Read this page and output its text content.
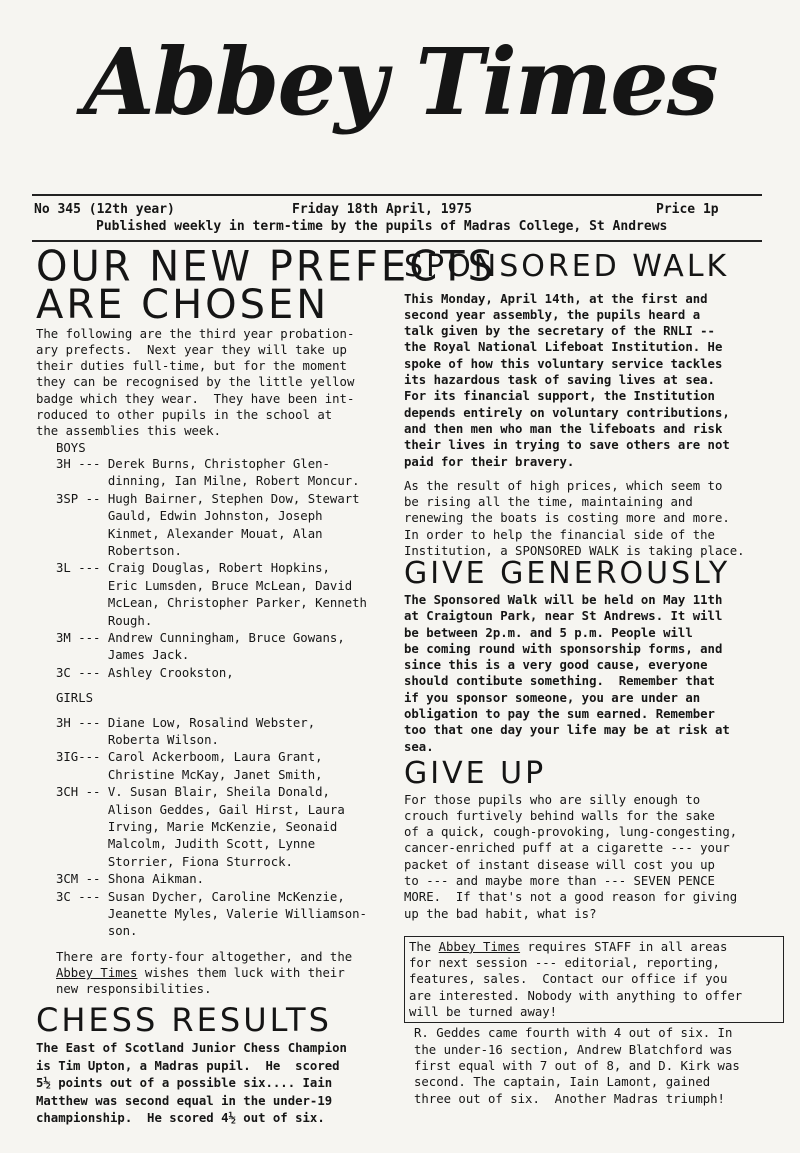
Abbey Times
No 345 (12th year)	Friday 18th April, 1975	Price 1p
Published weekly in term-time by the pupils of Madras College, St Andrews
OUR NEW PREFECTS
ARE CHOSEN

The following are the third year probation-

ary prefects.  Next year they will take up

their duties full-time, but for the moment

they can be recognised by the little yellow

badge which they wear.  They have been int-

roduced to other pupils in the school at

the assemblies this week.

BOYS

3H --- Derek Burns, Christopher Glen-

dinning, Ian Milne, Robert Moncur.

3SP -- Hugh Bairner, Stephen Dow, Stewart

Gauld, Edwin Johnston, Joseph

Kinmet, Alexander Mouat, Alan

Robertson.

3L --- Craig Douglas, Robert Hopkins,

Eric Lumsden, Bruce McLean, David

McLean, Christopher Parker, Kenneth

Rough.

3M --- Andrew Cunningham, Bruce Gowans,

James Jack.

3C --- Ashley Crookston,

GIRLS

3H --- Diane Low, Rosalind Webster,

Roberta Wilson.

3IG--- Carol Ackerboom, Laura Grant,

Christine McKay, Janet Smith,

3CH -- V. Susan Blair, Sheila Donald,

Alison Geddes, Gail Hirst, Laura

Irving, Marie McKenzie, Seonaid

Malcolm, Judith Scott, Lynne

Storrier, Fiona Sturrock.

3CM -- Shona Aikman.

3C --- Susan Dycher, Caroline McKenzie,

Jeanette Myles, Valerie Williamson-

son.

There are forty-four altogether, and the

Abbey Times wishes them luck with their

new responsibilities.

CHESS RESULTS

The East of Scotland Junior Chess Champion

is Tim Upton, a Madras pupil.  He  scored

5½ points out of a possible six.... Iain

Matthew was second equal in the under-19

championship.  He scored 4½ out of six.

SPONSORED WALK

This Monday, April 14th, at the first and

second year assembly, the pupils heard a

talk given by the secretary of the RNLI --

the Royal National Lifeboat Institution. He

spoke of how this voluntary service tackles

its hazardous task of saving lives at sea.

For its financial support, the Institution

depends entirely on voluntary contributions,

and then men who man the lifeboats and risk

their lives in trying to save others are not

paid for their bravery.

As the result of high prices, which seem to

be rising all the time, maintaining and

renewing the boats is costing more and more.

In order to help the financial side of the

Institution, a SPONSORED WALK is taking place.

GIVE GENEROUSLY

The Sponsored Walk will be held on May 11th

at Craigtoun Park, near St Andrews. It will

be between 2p.m. and 5 p.m. People will

be coming round with sponsorship forms, and

since this is a very good cause, everyone

should contibute something.  Remember that

if you sponsor someone, you are under an

obligation to pay the sum earned. Remember

too that one day your life may be at risk at

sea.

GIVE UP

For those pupils who are silly enough to

crouch furtively behind walls for the sake

of a quick, cough-provoking, lung-congesting,

cancer-enriched puff at a cigarette --- your

packet of instant disease will cost you up

to --- and maybe more than --- SEVEN PENCE

MORE.  If that's not a good reason for giving

up the bad habit, what is?

The Abbey Times requires STAFF in all areas

for next session --- editorial, reporting,

features, sales.  Contact our office if you

are interested. Nobody with anything to offer

will be turned away!

R. Geddes came fourth with 4 out of six. In

the under-16 section, Andrew Blatchford was

first equal with 7 out of 8, and D. Kirk was

second. The captain, Iain Lamont, gained

three out of six.  Another Madras triumph!
